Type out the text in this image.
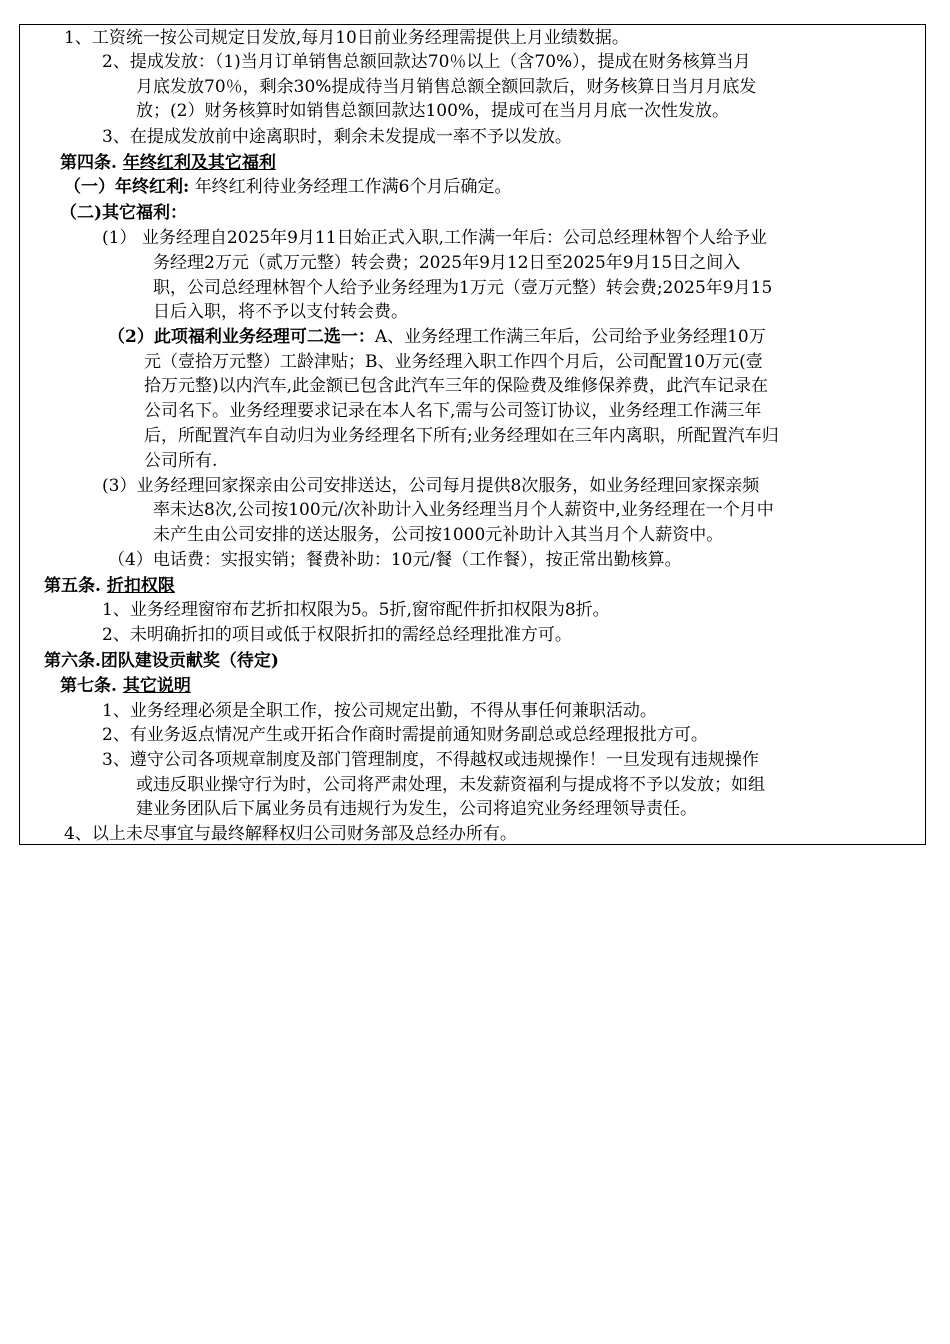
1、工资统一按公司规定日发放,每月10日前业务经理需提供上月业绩数据。
2、提成发放：（1)当月订单销售总额回款达70％以上（含70%），提成在财务核算当月
月底发放70％，剩余30%提成待当月销售总额全额回款后，财务核算日当月月底发
放；(2）财务核算时如销售总额回款达100%，提成可在当月月底一次性发放。
3、在提成发放前中途离职时，剩余未发提成一率不予以发放。
第四条. 年终红利及其它福利
（一）年终红利: 年终红利待业务经理工作满6个月后确定。
（二)其它福利：
(1） 业务经理自2025年9月11日始正式入职,工作满一年后：公司总经理林智个人给予业
务经理2万元（贰万元整）转会费；2025年9月12日至2025年9月15日之间入
职，公司总经理林智个人给予业务经理为1万元（壹万元整）转会费;2025年9月15
日后入职，将不予以支付转会费。
（2）此项福利业务经理可二选一：A、业务经理工作满三年后，公司给予业务经理10万
元（壹拾万元整）工龄津贴；B、业务经理入职工作四个月后，公司配置10万元(壹
拾万元整)以内汽车,此金额已包含此汽车三年的保险费及维修保养费，此汽车记录在
公司名下。业务经理要求记录在本人名下,需与公司签订协议，业务经理工作满三年
后，所配置汽车自动归为业务经理名下所有;业务经理如在三年内离职，所配置汽车归
公司所有.
(3）业务经理回家探亲由公司安排送达，公司每月提供8次服务，如业务经理回家探亲频
率未达8次,公司按100元/次补助计入业务经理当月个人薪资中,业务经理在一个月中
未产生由公司安排的送达服务，公司按1000元补助计入其当月个人薪资中。
（4）电话费：实报实销；餐费补助：10元/餐（工作餐），按正常出勤核算。
第五条. 折扣权限
1、业务经理窗帘布艺折扣权限为5。5折,窗帘配件折扣权限为8折。
2、未明确折扣的项目或低于权限折扣的需经总经理批准方可。
第六条.团队建设贡献奖（待定)
第七条. 其它说明
1、业务经理必须是全职工作，按公司规定出勤，不得从事任何兼职活动。
2、有业务返点情况产生或开拓合作商时需提前通知财务副总或总经理报批方可。
3、遵守公司各项规章制度及部门管理制度，不得越权或违规操作！一旦发现有违规操作
或违反职业操守行为时，公司将严肃处理，未发薪资福利与提成将不予以发放；如组
建业务团队后下属业务员有违规行为发生，公司将追究业务经理领导责任。
4、以上未尽事宜与最终解释权归公司财务部及总经办所有。
